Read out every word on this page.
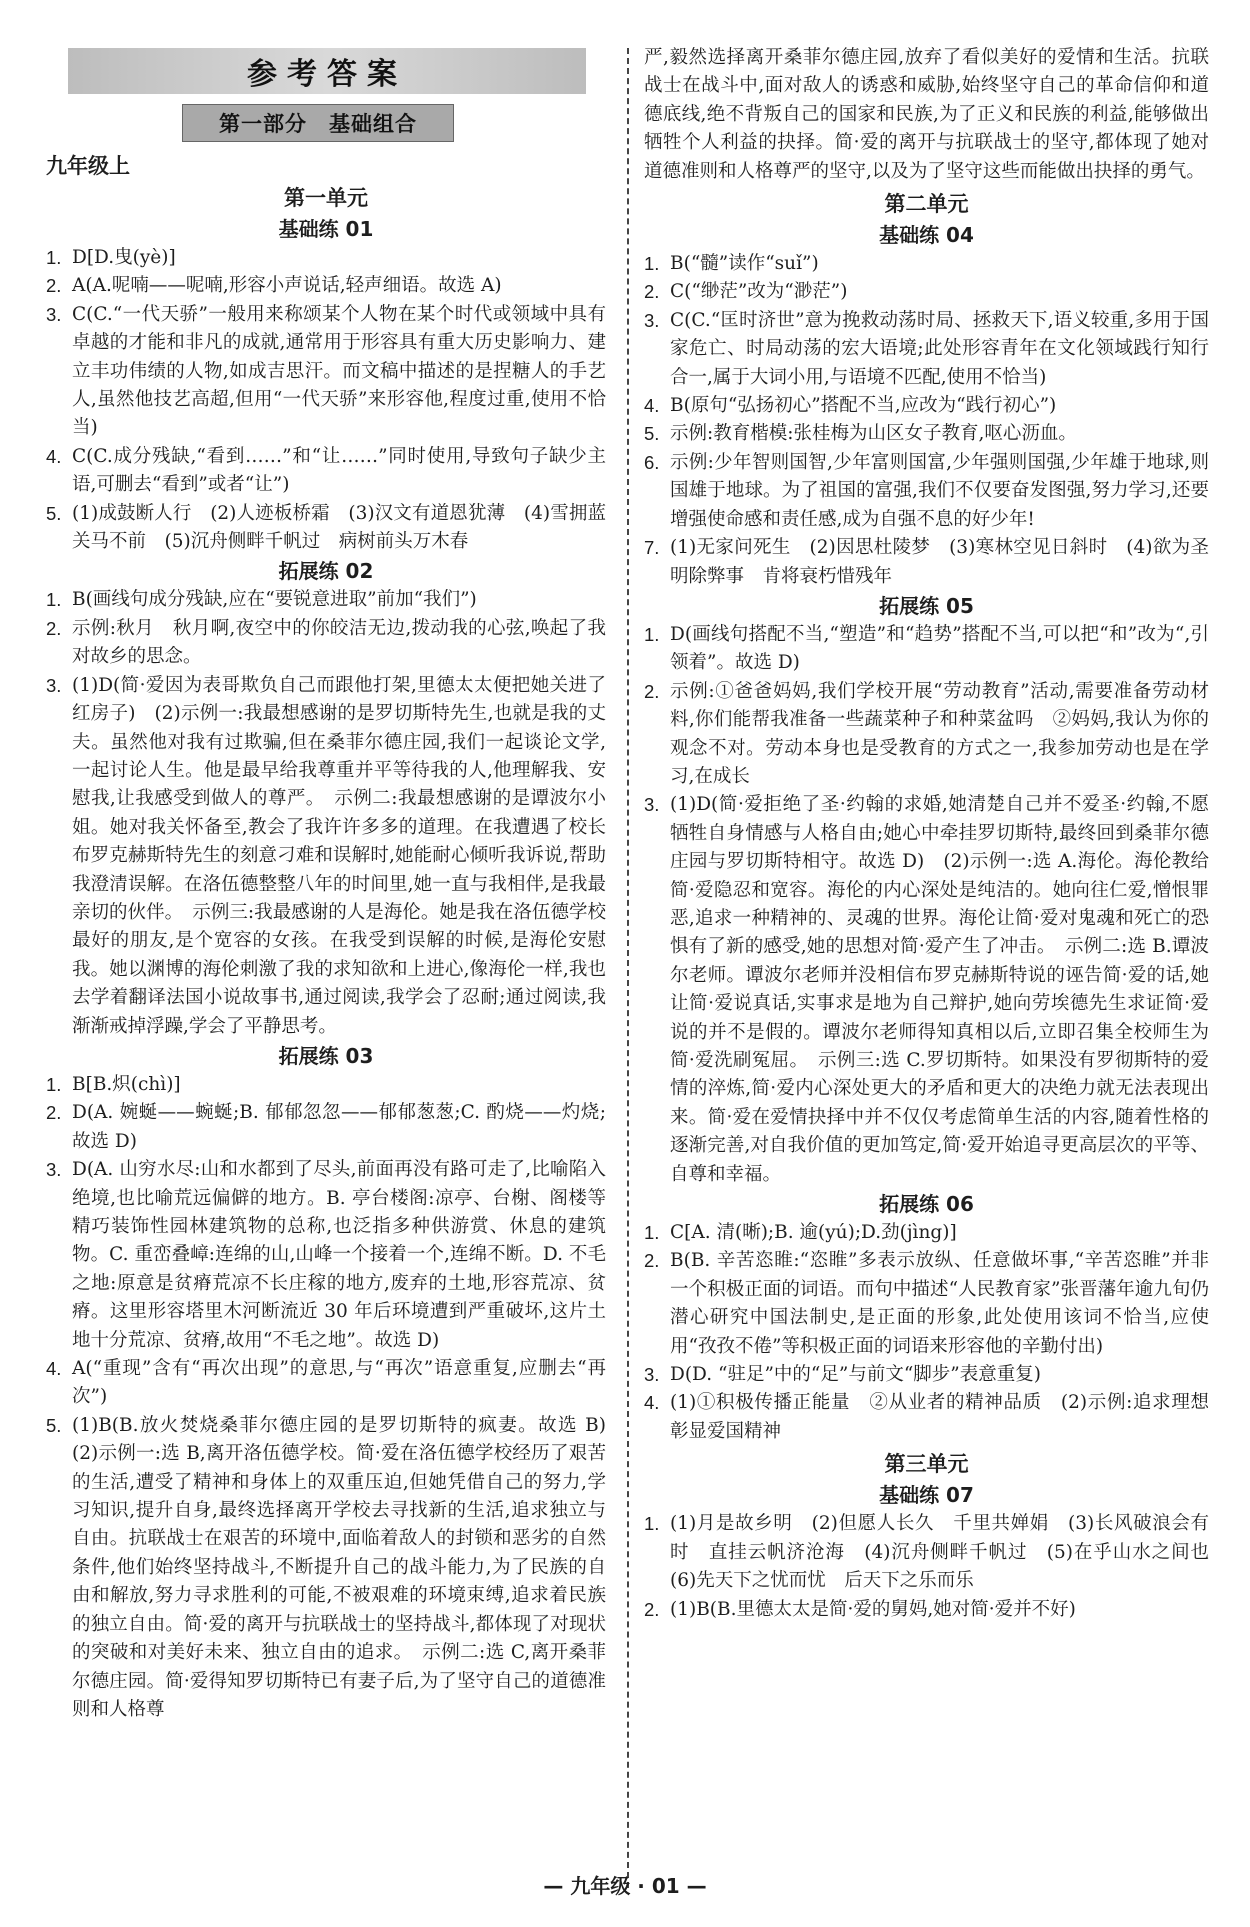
参考答案
第一部分　基础组合
九年级上
第一单元
基础练 01
1. D[D.曳(yè)]
2. A(A.呢喃——呢喃,形容小声说话,轻声细语。故选 A)
3. C(C.“一代天骄”一般用来称颂某个人物在某个时代或领域中具有卓越的才能和非凡的成就,通常用于形容具有重大历史影响力、建立丰功伟绩的人物,如成吉思汗。而文稿中描述的是捏糖人的手艺人,虽然他技艺高超,但用“一代天骄”来形容他,程度过重,使用不恰当)
4. C(C.成分残缺,“看到……”和“让……”同时使用,导致句子缺少主语,可删去“看到”或者“让”)
5. (1)成鼓断人行　(2)人迹板桥霜　(3)汉文有道恩犹薄　(4)雪拥蓝关马不前　(5)沉舟侧畔千帆过　病树前头万木春
拓展练 02
1. B(画线句成分残缺,应在“要锐意进取”前加“我们”)
2. 示例:秋月　秋月啊,夜空中的你皎洁无边,拨动我的心弦,唤起了我对故乡的思念。
3. (1)D(简·爱因为表哥欺负自己而跟他打架,里德太太便把她关进了红房子)　(2)示例一:我最想感谢的是罗切斯特先生,也就是我的丈夫。虽然他对我有过欺骗,但在桑菲尔德庄园,我们一起谈论文学,一起讨论人生。他是最早给我尊重并平等待我的人,他理解我、安慰我,让我感受到做人的尊严。　示例二:我最想感谢的是谭波尔小姐。她对我关怀备至,教会了我许许多多的道理。在我遭遇了校长布罗克赫斯特先生的刻意刁难和误解时,她能耐心倾听我诉说,帮助我澄清误解。在洛伍德整整八年的时间里,她一直与我相伴,是我最亲切的伙伴。　示例三:我最感谢的人是海伦。她是我在洛伍德学校最好的朋友,是个宽容的女孩。在我受到误解的时候,是海伦安慰我。她以渊博的海伦刺激了我的求知欲和上进心,像海伦一样,我也去学着翻译法国小说故事书,通过阅读,我学会了忍耐;通过阅读,我渐渐戒掉浮躁,学会了平静思考。
拓展练 03
1. B[B.炽(chì)]
2. D(A. 婉蜒——蜿蜒;B. 郁郁忽忽——郁郁葱葱;C. 酌烧——灼烧;故选 D)
3. D(A. 山穷水尽:山和水都到了尽头,前面再没有路可走了,比喻陷入绝境,也比喻荒远偏僻的地方。B. 亭台楼阁:凉亭、台榭、阁楼等精巧装饰性园林建筑物的总称,也泛指多种供游赏、休息的建筑物。C. 重峦叠嶂:连绵的山,山峰一个接着一个,连绵不断。D. 不毛之地:原意是贫瘠荒凉不长庄稼的地方,废弃的土地,形容荒凉、贫瘠。这里形容塔里木河断流近 30 年后环境遭到严重破坏,这片土地十分荒凉、贫瘠,故用“不毛之地”。故选 D)
4. A(“重现”含有“再次出现”的意思,与“再次”语意重复,应删去“再次”)
5. (1)B(B.放火焚烧桑菲尔德庄园的是罗切斯特的疯妻。故选 B)　(2)示例一:选 B,离开洛伍德学校。简·爱在洛伍德学校经历了艰苦的生活,遭受了精神和身体上的双重压迫,但她凭借自己的努力,学习知识,提升自身,最终选择离开学校去寻找新的生活,追求独立与自由。抗联战士在艰苦的环境中,面临着敌人的封锁和恶劣的自然条件,他们始终坚持战斗,不断提升自己的战斗能力,为了民族的自由和解放,努力寻求胜利的可能,不被艰难的环境束缚,追求着民族的独立自由。简·爱的离开与抗联战士的坚持战斗,都体现了对现状的突破和对美好未来、独立自由的追求。　示例二:选 C,离开桑菲尔德庄园。简·爱得知罗切斯特已有妻子后,为了坚守自己的道德准则和人格尊
严,毅然选择离开桑菲尔德庄园,放弃了看似美好的爱情和生活。抗联战士在战斗中,面对敌人的诱惑和威胁,始终坚守自己的革命信仰和道德底线,绝不背叛自己的国家和民族,为了正义和民族的利益,能够做出牺牲个人利益的抉择。简·爱的离开与抗联战士的坚守,都体现了她对道德准则和人格尊严的坚守,以及为了坚守这些而能做出抉择的勇气。
第二单元
基础练 04
1. B(“髓”读作“suǐ”)
2. C(“缈茫”改为“渺茫”)
3. C(C.“匡时济世”意为挽救动荡时局、拯救天下,语义较重,多用于国家危亡、时局动荡的宏大语境;此处形容青年在文化领域践行知行合一,属于大词小用,与语境不匹配,使用不恰当)
4. B(原句“弘扬初心”搭配不当,应改为“践行初心”)
5. 示例:教育楷模:张桂梅为山区女子教育,呕心沥血。
6. 示例:少年智则国智,少年富则国富,少年强则国强,少年雄于地球,则国雄于地球。为了祖国的富强,我们不仅要奋发图强,努力学习,还要增强使命感和责任感,成为自强不息的好少年!
7. (1)无家问死生　(2)因思杜陵梦　(3)寒林空见日斜时　(4)欲为圣明除弊事　肯将衰朽惜残年
拓展练 05
1. D(画线句搭配不当,“塑造”和“趋势”搭配不当,可以把“和”改为“,引领着”。故选 D)
2. 示例:①爸爸妈妈,我们学校开展“劳动教育”活动,需要准备劳动材料,你们能帮我准备一些蔬菜种子和种菜盆吗　②妈妈,我认为你的观念不对。劳动本身也是受教育的方式之一,我参加劳动也是在学习,在成长
3. (1)D(简·爱拒绝了圣·约翰的求婚,她清楚自己并不爱圣·约翰,不愿牺牲自身情感与人格自由;她心中牵挂罗切斯特,最终回到桑菲尔德庄园与罗切斯特相守。故选 D)　(2)示例一:选 A.海伦。海伦教给简·爱隐忍和宽容。海伦的内心深处是纯洁的。她向往仁爱,憎恨罪恶,追求一种精神的、灵魂的世界。海伦让简·爱对鬼魂和死亡的恐惧有了新的感受,她的思想对简·爱产生了冲击。　示例二:选 B.谭波尔老师。谭波尔老师并没相信布罗克赫斯特说的诬告简·爱的话,她让简·爱说真话,实事求是地为自己辩护,她向劳埃德先生求证简·爱说的并不是假的。谭波尔老师得知真相以后,立即召集全校师生为简·爱洗刷冤屈。　示例三:选 C.罗切斯特。如果没有罗彻斯特的爱情的淬炼,简·爱内心深处更大的矛盾和更大的决绝力就无法表现出来。简·爱在爱情抉择中并不仅仅考虑简单生活的内容,随着性格的逐渐完善,对自我价值的更加笃定,简·爱开始追寻更高层次的平等、自尊和幸福。
拓展练 06
1. C[A. 清(晰);B. 逾(yú);D.劲(jìng)]
2. B(B. 辛苦恣睢:“恣睢”多表示放纵、任意做坏事,“辛苦恣睢”并非一个积极正面的词语。而句中描述“人民教育家”张晋藩年逾九旬仍潜心研究中国法制史,是正面的形象,此处使用该词不恰当,应使用“孜孜不倦”等积极正面的词语来形容他的辛勤付出)
3. D(D. “驻足”中的“足”与前文“脚步”表意重复)
4. (1)①积极传播正能量　②从业者的精神品质　(2)示例:追求理想彰显爱国精神
第三单元
基础练 07
1. (1)月是故乡明　(2)但愿人长久　千里共婵娟　(3)长风破浪会有时　直挂云帆济沧海　(4)沉舟侧畔千帆过　(5)在乎山水之间也　(6)先天下之忧而忧　后天下之乐而乐
2. (1)B(B.里德太太是简·爱的舅妈,她对简·爱并不好)
— 九年级 · 01 —
